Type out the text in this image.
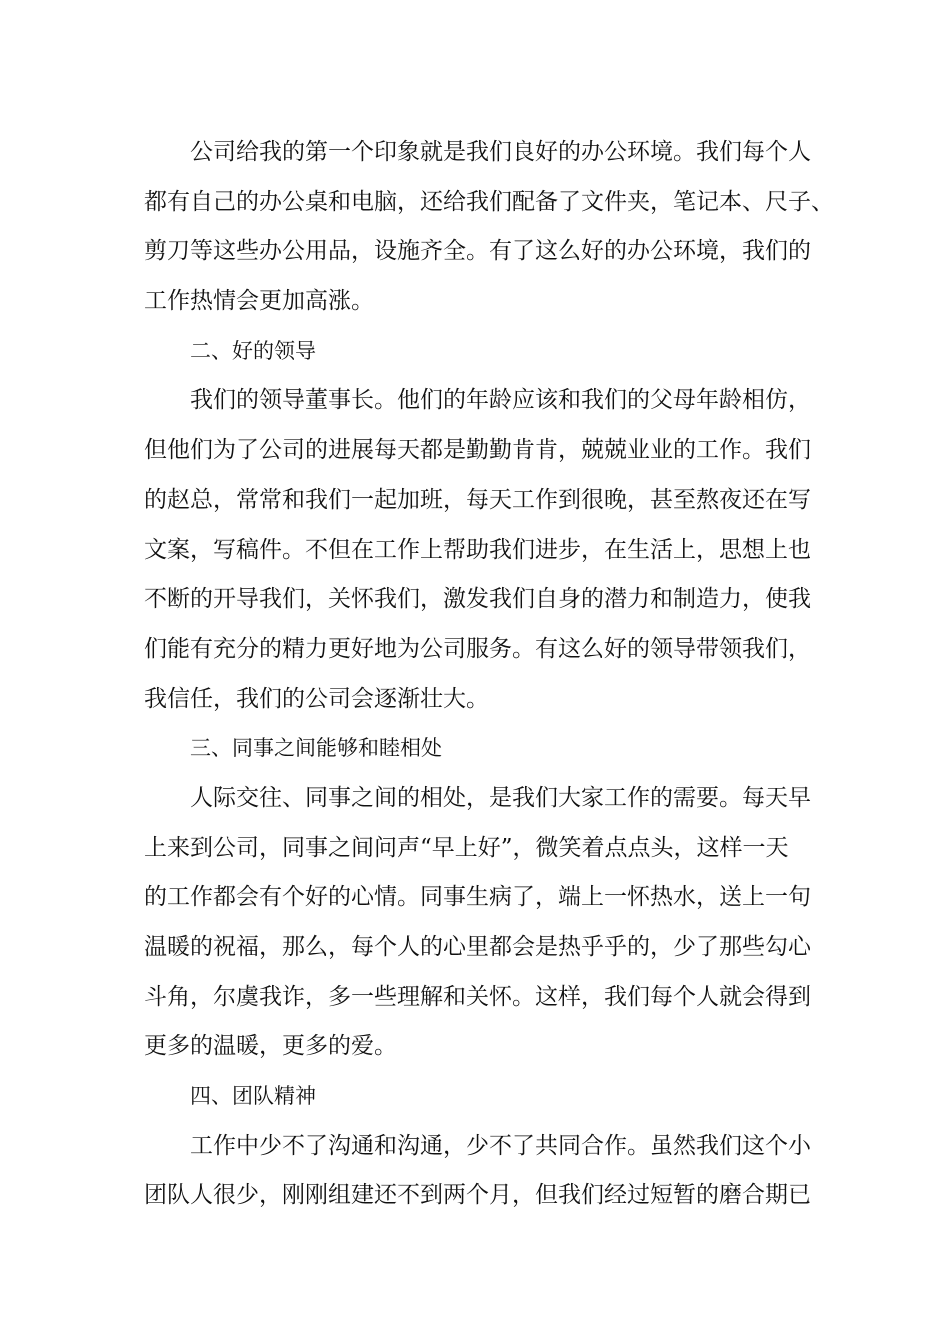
公司给我的第一个印象就是我们良好的办公环境。我们每个人
都有自己的办公桌和电脑，还给我们配备了文件夹，笔记本、尺子、
剪刀等这些办公用品，设施齐全。有了这么好的办公环境，我们的
工作热情会更加高涨。
二、好的领导
我们的领导董事长。他们的年龄应该和我们的父母年龄相仿，
但他们为了公司的进展每天都是勤勤肯肯，兢兢业业的工作。我们
的赵总，常常和我们一起加班，每天工作到很晚，甚至熬夜还在写
文案，写稿件。不但在工作上帮助我们进步，在生活上，思想上也
不断的开导我们，关怀我们，激发我们自身的潜力和制造力，使我
们能有充分的精力更好地为公司服务。有这么好的领导带领我们，
我信任，我们的公司会逐渐壮大。
三、同事之间能够和睦相处
人际交往、同事之间的相处，是我们大家工作的需要。每天早
上来到公司，同事之间问声“早上好”，微笑着点点头，这样一天
的工作都会有个好的心情。同事生病了，端上一怀热水，送上一句
温暖的祝福，那么，每个人的心里都会是热乎乎的，少了那些勾心
斗角，尔虞我诈，多一些理解和关怀。这样，我们每个人就会得到
更多的温暖，更多的爱。
四、团队精神
工作中少不了沟通和沟通，少不了共同合作。虽然我们这个小
团队人很少，刚刚组建还不到两个月，但我们经过短暂的磨合期已
